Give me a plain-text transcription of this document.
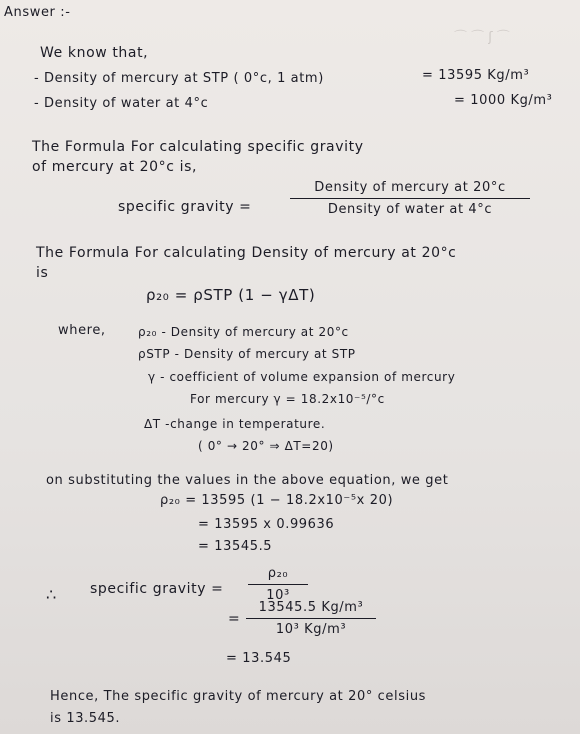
⌒ ⌒ ʃ ⌒
Answer :-
We know that,
- Density of mercury at STP ( 0°c, 1 atm)	= 13595 Kg/m³
- Density of water at 4°c	= 1000 Kg/m³
The Formula For calculating specific gravity
of mercury at 20°c is,
specific gravity =
Density of mercury at 20°c
Density of water at 4°c
The Formula For calculating Density of mercury at 20°c
is
ρ₂₀ = ρSTP (1 − γΔT)
where,	ρ₂₀ - Density of mercury at 20°c
ρSTP - Density of mercury at STP
γ - coefficient of volume expansion of mercury
For mercury γ = 18.2x10⁻⁵/°c
ΔT -change in temperature.
( 0° → 20° ⇒ ΔT=20)
on substituting the values in the above equation, we get
ρ₂₀ = 13595 (1 − 18.2x10⁻⁵x 20)
= 13595 x 0.99636
= 13545.5
∴ specific gravity =
ρ₂₀
10³
=
13545.5 Kg/m³
10³ Kg/m³
= 13.545
Hence, The specific gravity of mercury at 20° celsius
is 13.545.
